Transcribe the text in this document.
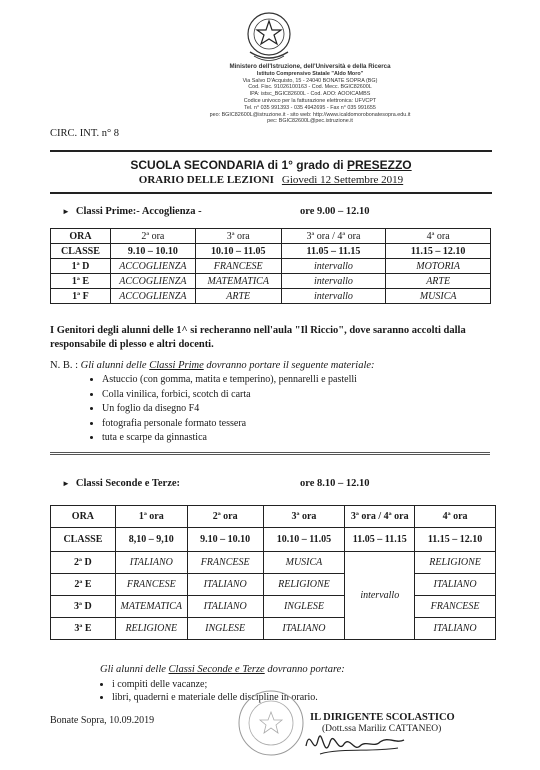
Ministero dell'Istruzione, dell'Università e della Ricerca
Istituto Comprensivo Statale "Aldo Moro"
Via Salvo D'Acquisto, 15 - 24040 BONATE SOPRA (BG)
Cod. Fisc. 91026100163 - Cod. Mecc. BGIC82600L
IPA: istsc_BGIC82600L - Cod. AOO: AOOICAMBS
Codice univoco per la fatturazione elettronica: UFVCPT
Tel. n° 035 991393 - 035 4942695 - Fax n° 035 991655
peo: BGIC82600L@istruzione.it - sito web: http://www.icaldomorobonatesopra.edu.it
pec: BGIC82600L@pec.istruzione.it
CIRC. INT. n° 8
SCUOLA SECONDARIA di 1° grado di PRESEZZO
ORARIO DELLE LEZIONI Giovedì 12 Settembre 2019
► Classi Prime:- Accoglienza -	ore 9.00 – 12.10
ORA	2ª ora	3ª ora	3ª ora / 4ª ora	4ª ora
CLASSE	9.10 – 10.10	10.10 – 11.05	11.05 – 11.15	11.15 – 12.10
1ª D	ACCOGLIENZA	FRANCESE	intervallo	MOTORIA
1ª E	ACCOGLIENZA	MATEMATICA	intervallo	ARTE
1ª F	ACCOGLIENZA	ARTE	intervallo	MUSICA
I Genitori degli alunni delle 1^ si recheranno nell'aula "Il Riccio", dove saranno accolti dalla responsabile di plesso e altri docenti.
N. B. : Gli alunni delle Classi Prime dovranno portare il seguente materiale:
• Astuccio (con gomma, matita e temperino), pennarelli e pastelli
• Colla vinilica, forbici, scotch di carta
• Un foglio da disegno F4
• fotografia personale formato tessera
• tuta e scarpe da ginnastica
► Classi Seconde e Terze:	ore 8.10 – 12.10
ORA	1ª ora	2ª ora	3ª ora	3ª ora / 4ª ora	4ª ora
CLASSE	8,10 – 9,10	9.10 – 10.10	10.10 – 11.05	11.05 – 11.15	11.15 – 12.10
2ª D	ITALIANO	FRANCESE	MUSICA	intervallo	RELIGIONE
2ª E	FRANCESE	ITALIANO	RELIGIONE		ITALIANO
3ª D	MATEMATICA	ITALIANO	INGLESE		FRANCESE
3ª E	RELIGIONE	INGLESE	ITALIANO		ITALIANO
Gli alunni delle Classi Seconde e Terze dovranno portare:
• i compiti delle vacanze;
• libri, quaderni e materiale delle discipline in orario.
Bonate Sopra, 10.09.2019	IL DIRIGENTE SCOLASTICO
(Dott.ssa Mariliz CATTANEO)
